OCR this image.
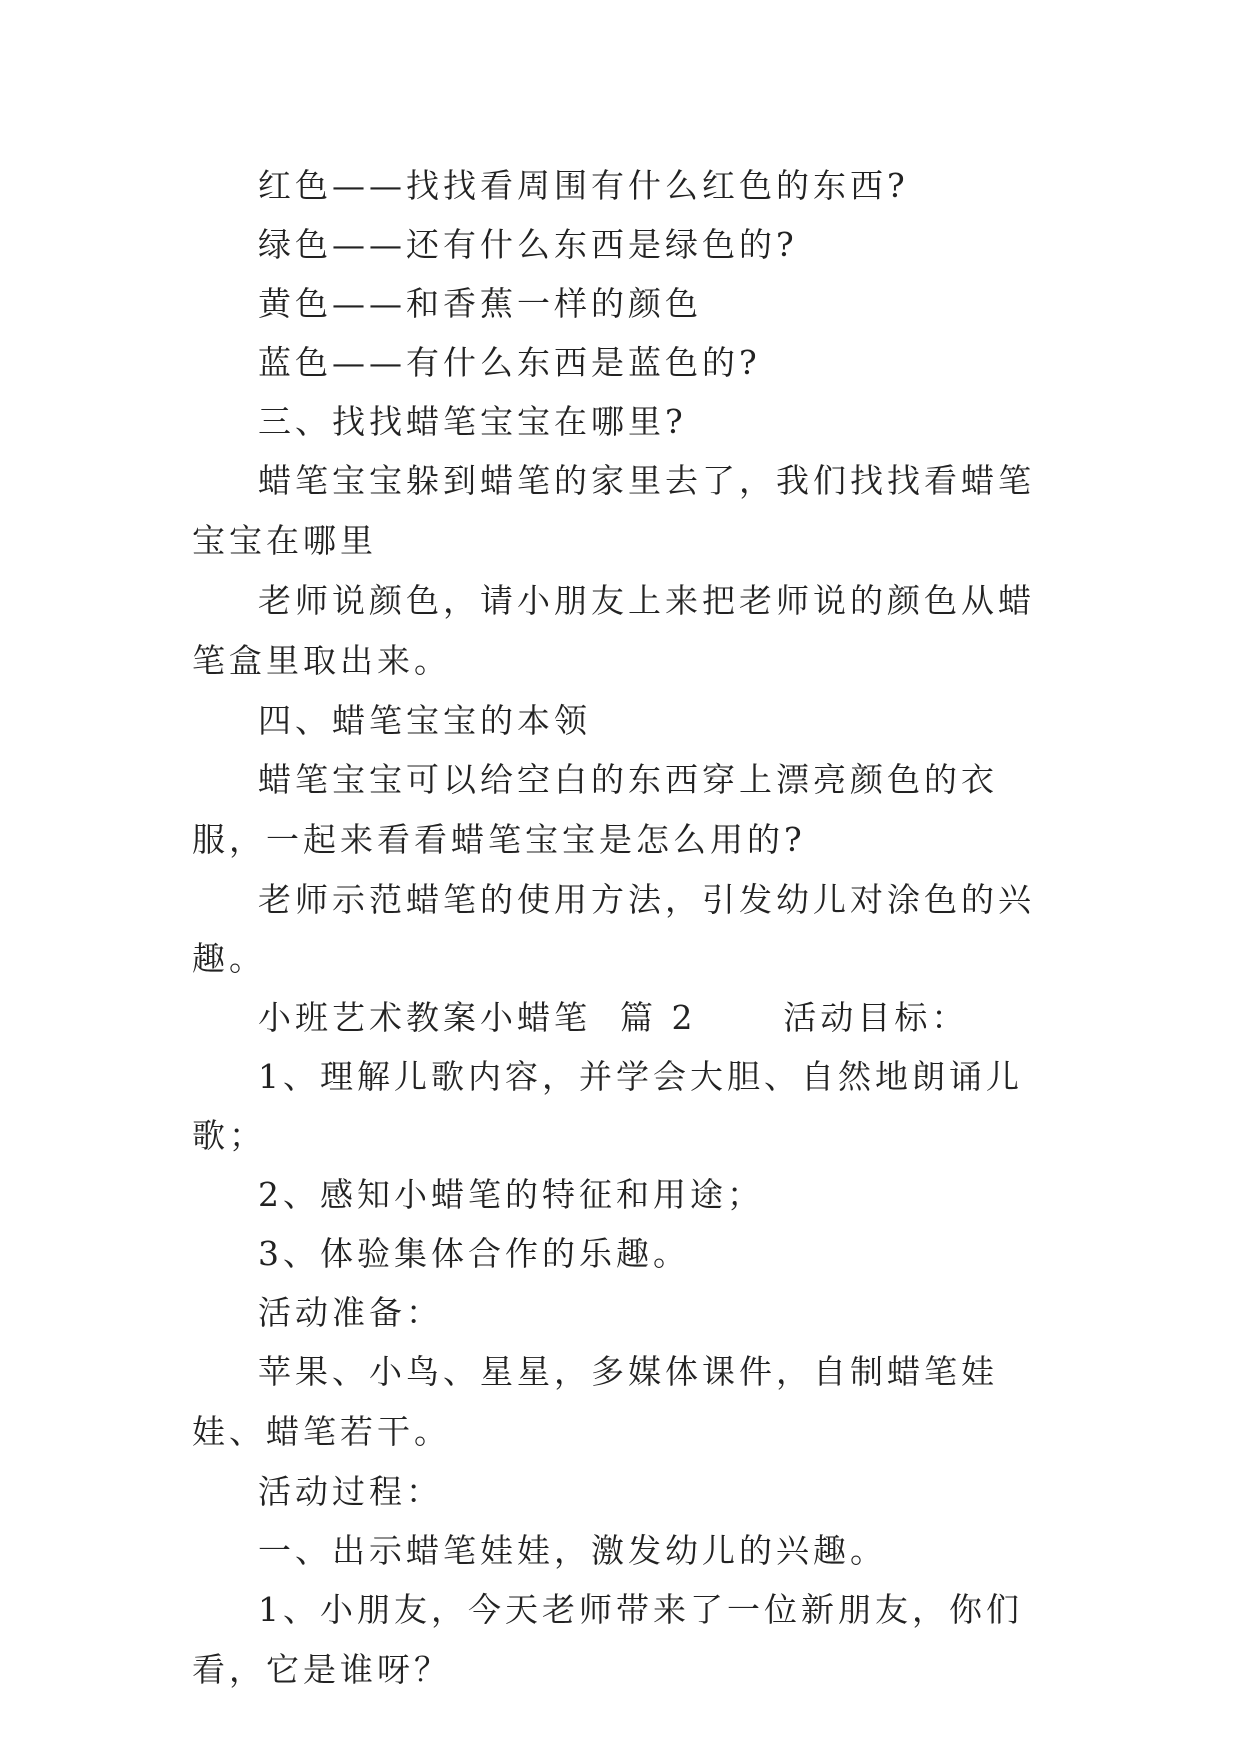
红色——找找看周围有什么红色的东西?

绿色——还有什么东西是绿色的?

黄色——和香蕉一样的颜色

蓝色——有什么东西是蓝色的?

三、找找蜡笔宝宝在哪里?

蜡笔宝宝躲到蜡笔的家里去了，我们找找看蜡笔宝宝在哪里

老师说颜色，请小朋友上来把老师说的颜色从蜡笔盒里取出来。

四、蜡笔宝宝的本领

蜡笔宝宝可以给空白的东西穿上漂亮颜色的衣服，一起来看看蜡笔宝宝是怎么用的?

老师示范蜡笔的使用方法，引发幼儿对涂色的兴趣。

小班艺术教案小蜡笔  篇 2      活动目标：

1、理解儿歌内容，并学会大胆、自然地朗诵儿歌；

2、感知小蜡笔的特征和用途；

3、体验集体合作的乐趣。

活动准备：

苹果、小鸟、星星，多媒体课件，自制蜡笔娃娃、蜡笔若干。

活动过程：

一、出示蜡笔娃娃，激发幼儿的兴趣。

1、小朋友，今天老师带来了一位新朋友，你们看，它是谁呀？
